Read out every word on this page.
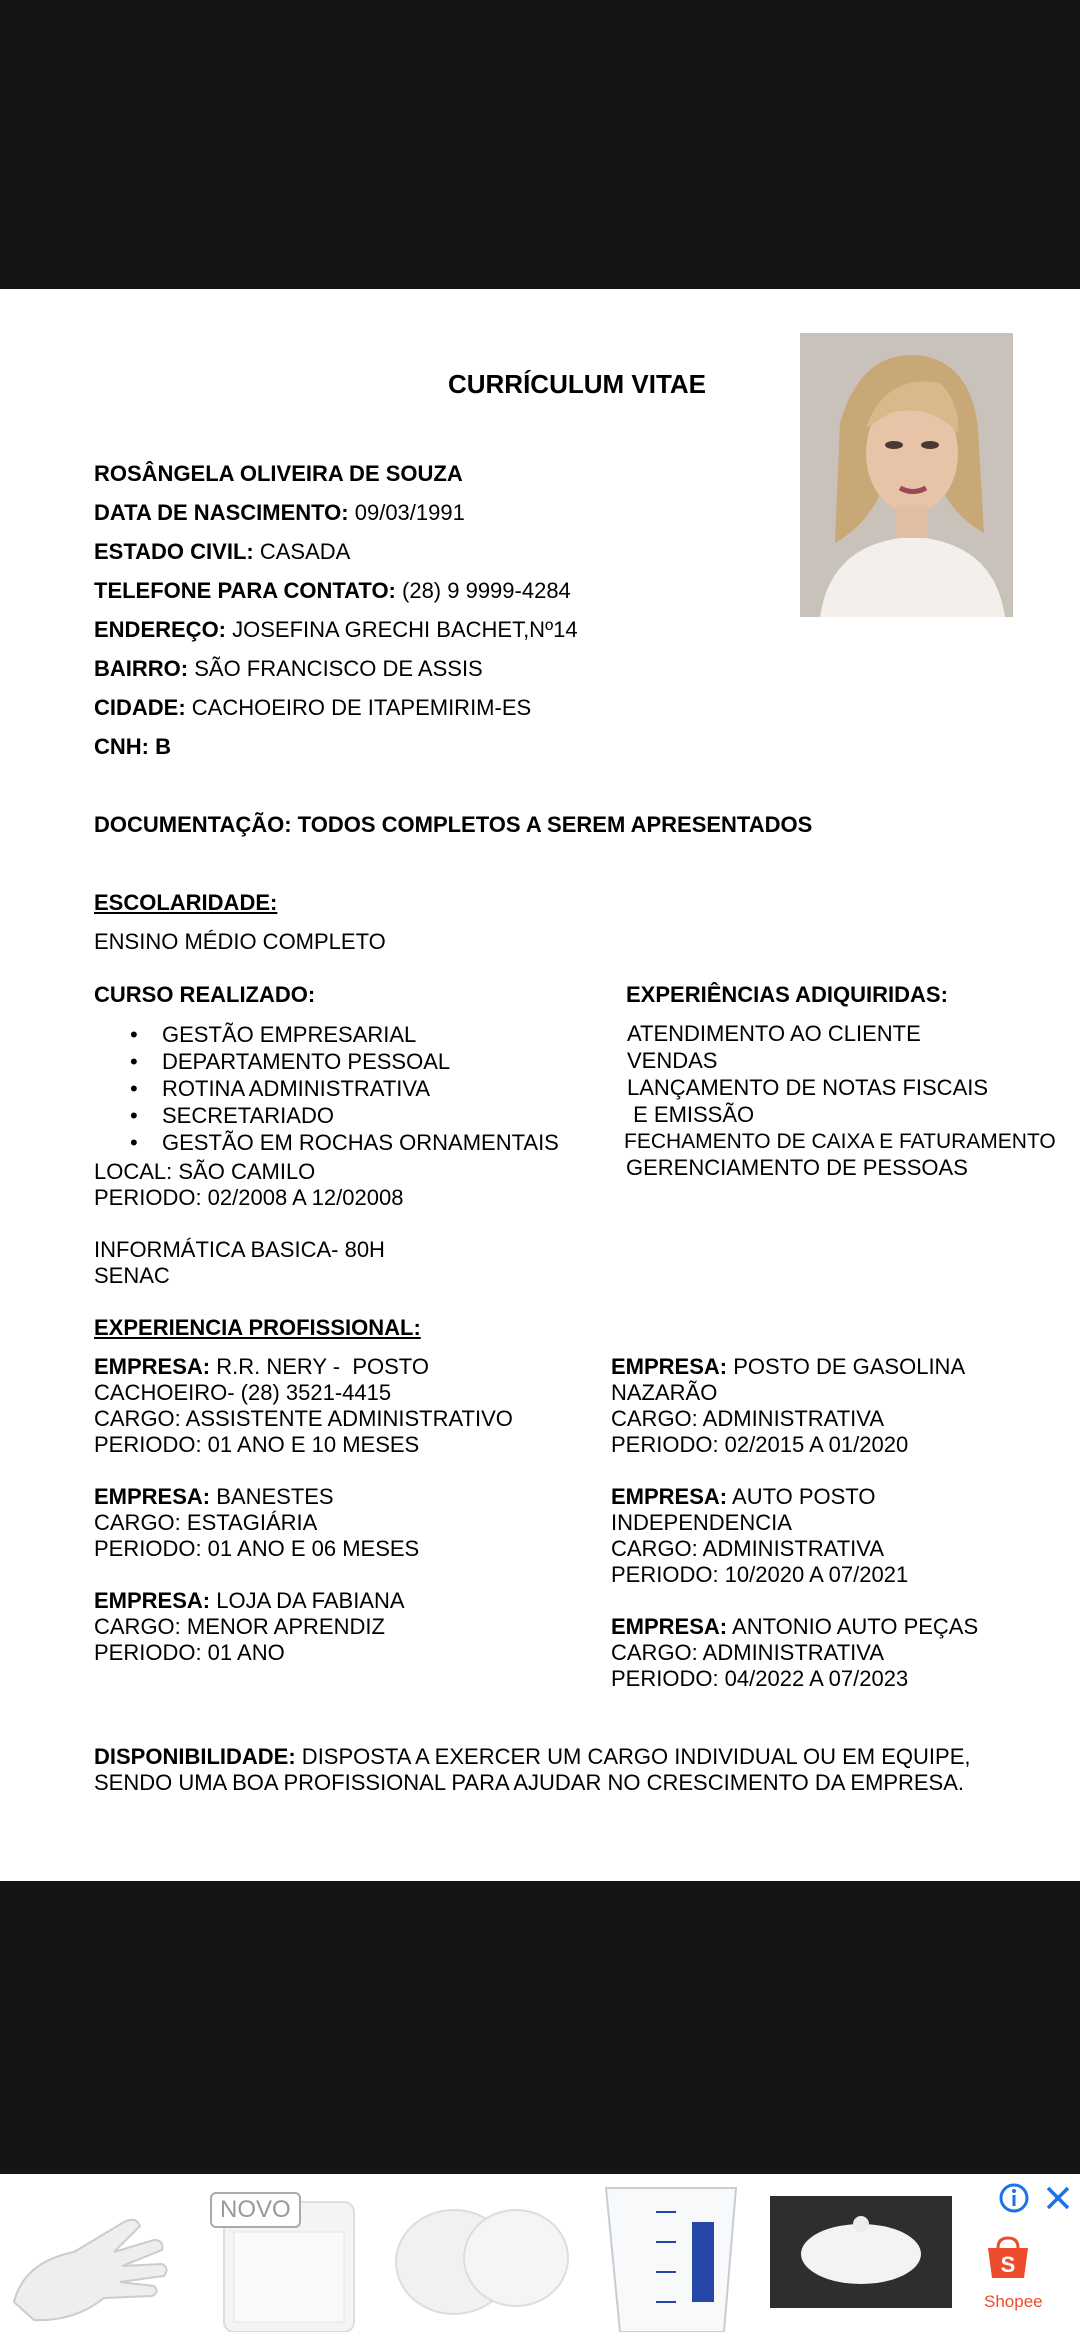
CURRÍCULUM VITAE
ROSÂNGELA OLIVEIRA DE SOUZA
DATA DE NASCIMENTO: 09/03/1991
ESTADO CIVIL: CASADA
TELEFONE PARA CONTATO: (28) 9 9999-4284
ENDEREÇO: JOSEFINA GRECHI BACHET,Nº14
BAIRRO: SÃO FRANCISCO DE ASSIS
CIDADE: CACHOEIRO DE ITAPEMIRIM-ES
CNH: B
DOCUMENTAÇÃO: TODOS COMPLETOS A SEREM APRESENTADOS
ESCOLARIDADE:
ENSINO MÉDIO COMPLETO
CURSO REALIZADO:
• GESTÃO EMPRESARIAL
• DEPARTAMENTO PESSOAL
• ROTINA ADMINISTRATIVA
• SECRETARIADO
• GESTÃO EM ROCHAS ORNAMENTAIS
LOCAL: SÃO CAMILO
PERIODO: 02/2008 A 12/02008
INFORMÁTICA BASICA- 80H
SENAC
EXPERIÊNCIAS ADIQUIRIDAS:
ATENDIMENTO AO CLIENTE
VENDAS
LANÇAMENTO DE NOTAS FISCAIS
E EMISSÃO
FECHAMENTO DE CAIXA E FATURAMENTO
GERENCIAMENTO DE PESSOAS
EXPERIENCIA PROFISSIONAL:
EMPRESA: R.R. NERY -  POSTO
CACHOEIRO- (28) 3521-4415
CARGO: ASSISTENTE ADMINISTRATIVO
PERIODO: 01 ANO E 10 MESES
EMPRESA: BANESTES
CARGO: ESTAGIÁRIA
PERIODO: 01 ANO E 06 MESES
EMPRESA: LOJA DA FABIANA
CARGO: MENOR APRENDIZ
PERIODO: 01 ANO
EMPRESA: POSTO DE GASOLINA
NAZARÃO
CARGO: ADMINISTRATIVA
PERIODO: 02/2015 A 01/2020
EMPRESA: AUTO POSTO
INDEPENDENCIA
CARGO: ADMINISTRATIVA
PERIODO: 10/2020 A 07/2021
EMPRESA: ANTONIO AUTO PEÇAS
CARGO: ADMINISTRATIVA
PERIODO: 04/2022 A 07/2023
DISPONIBILIDADE: DISPOSTA A EXERCER UM CARGO INDIVIDUAL OU EM EQUIPE,
SENDO UMA BOA PROFISSIONAL PARA AJUDAR NO CRESCIMENTO DA EMPRESA.
NOVO
S
Shopee
